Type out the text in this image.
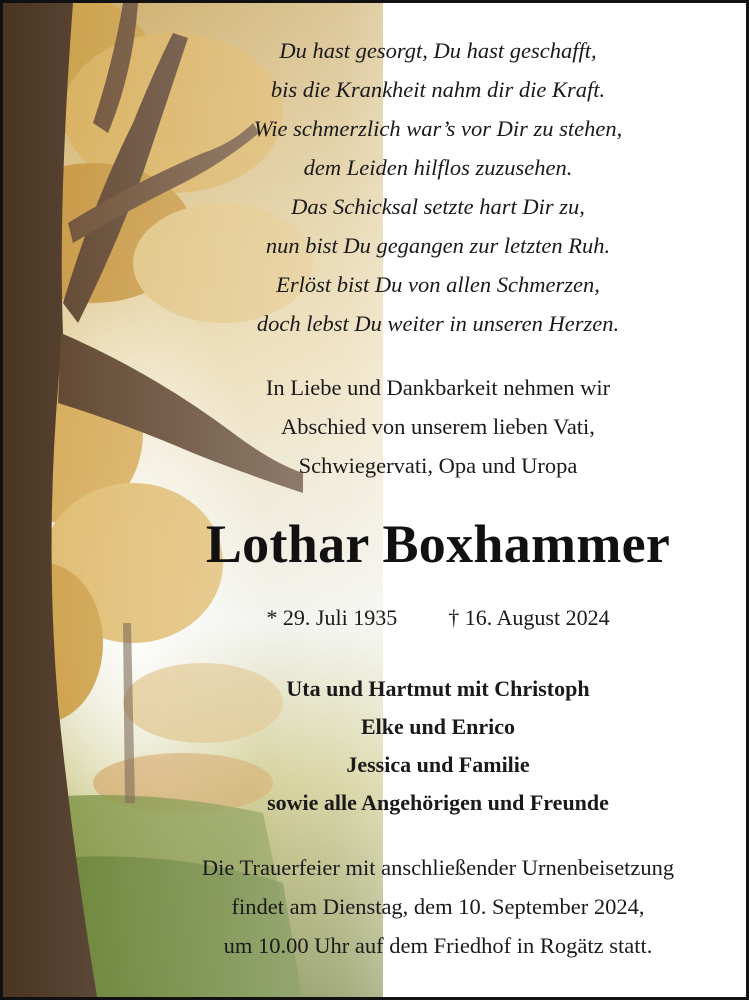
Du hast gesorgt, Du hast geschafft,
bis die Krankheit nahm dir die Kraft.
Wie schmerzlich war’s vor Dir zu stehen,
dem Leiden hilflos zuzusehen.
Das Schicksal setzte hart Dir zu,
nun bist Du gegangen zur letzten Ruh.
Erlöst bist Du von allen Schmerzen,
doch lebst Du weiter in unseren Herzen.
In Liebe und Dankbarkeit nehmen wir
Abschied von unserem lieben Vati,
Schwiegervati, Opa und Uropa
Lothar Boxhammer
* 29. Juli 1935 † 16. August 2024
Uta und Hartmut mit Christoph
Elke und Enrico
Jessica und Familie
sowie alle Angehörigen und Freunde
Die Trauerfeier mit anschließender Urnenbeisetzung
findet am Dienstag, dem 10. September 2024,
um 10.00 Uhr auf dem Friedhof in Rogätz statt.
